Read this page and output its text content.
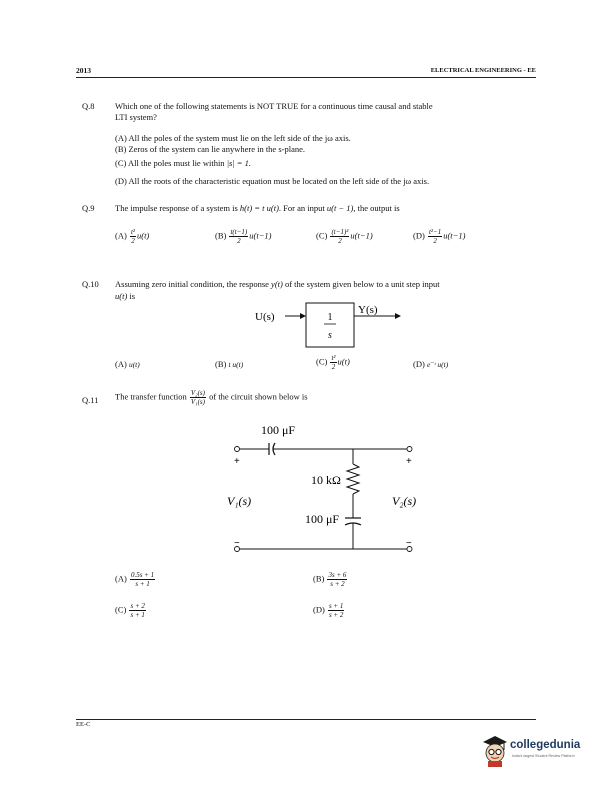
2013	ELECTRICAL ENGINEERING - EE
Q.8 Which one of the following statements is NOT TRUE for a continuous time causal and stable
LTI system?
(A) All the poles of the system must lie on the left side of the jω axis.
(B) Zeros of the system can lie anywhere in the s-plane.
(C) All the poles must lie within |s| = 1.
(D) All the roots of the characteristic equation must be located on the left side of the jω axis.
Q.9 The impulse response of a system is h(t) = t u(t). For an input u(t − 1), the output is
$(A) \frac{\text{t²}}{2} u(t)$	$(B) \frac{t(t-1)}{2} u(t-1)$	$(C) \frac{\text{(t−1)²}}{2} u(t-1)$	$(D) \frac{\text{t²−1}}{2} u(t-1)$
Q.10 Assuming zero initial condition, the response y(t) of the system given below to a unit step input
u(t) is
U(s)	1
s
Y(s)
(A) u(t)	(B) t u(t)	$(C) \frac{\text{t²}}{2} u(t)$	(D) e⁻ᵗ u(t)
Q.11 The transfer function $\frac{\text{V₂(s)}}{\text{V₁(s)}}$ of the circuit shown below is
100 μF
+	+
10 kΩ
100 μF
−	−
V₁(s)	V₂(s)
$(A) \frac{0.5s + 1}{s + 1}$	$(B) \frac{3s + 6}{s + 2}$
$(C) \frac{s + 2}{s + 1}$	$(D) \frac{s + 1}{s + 2}$
EE-C
collegedunia
India's largest Student Review Platform
